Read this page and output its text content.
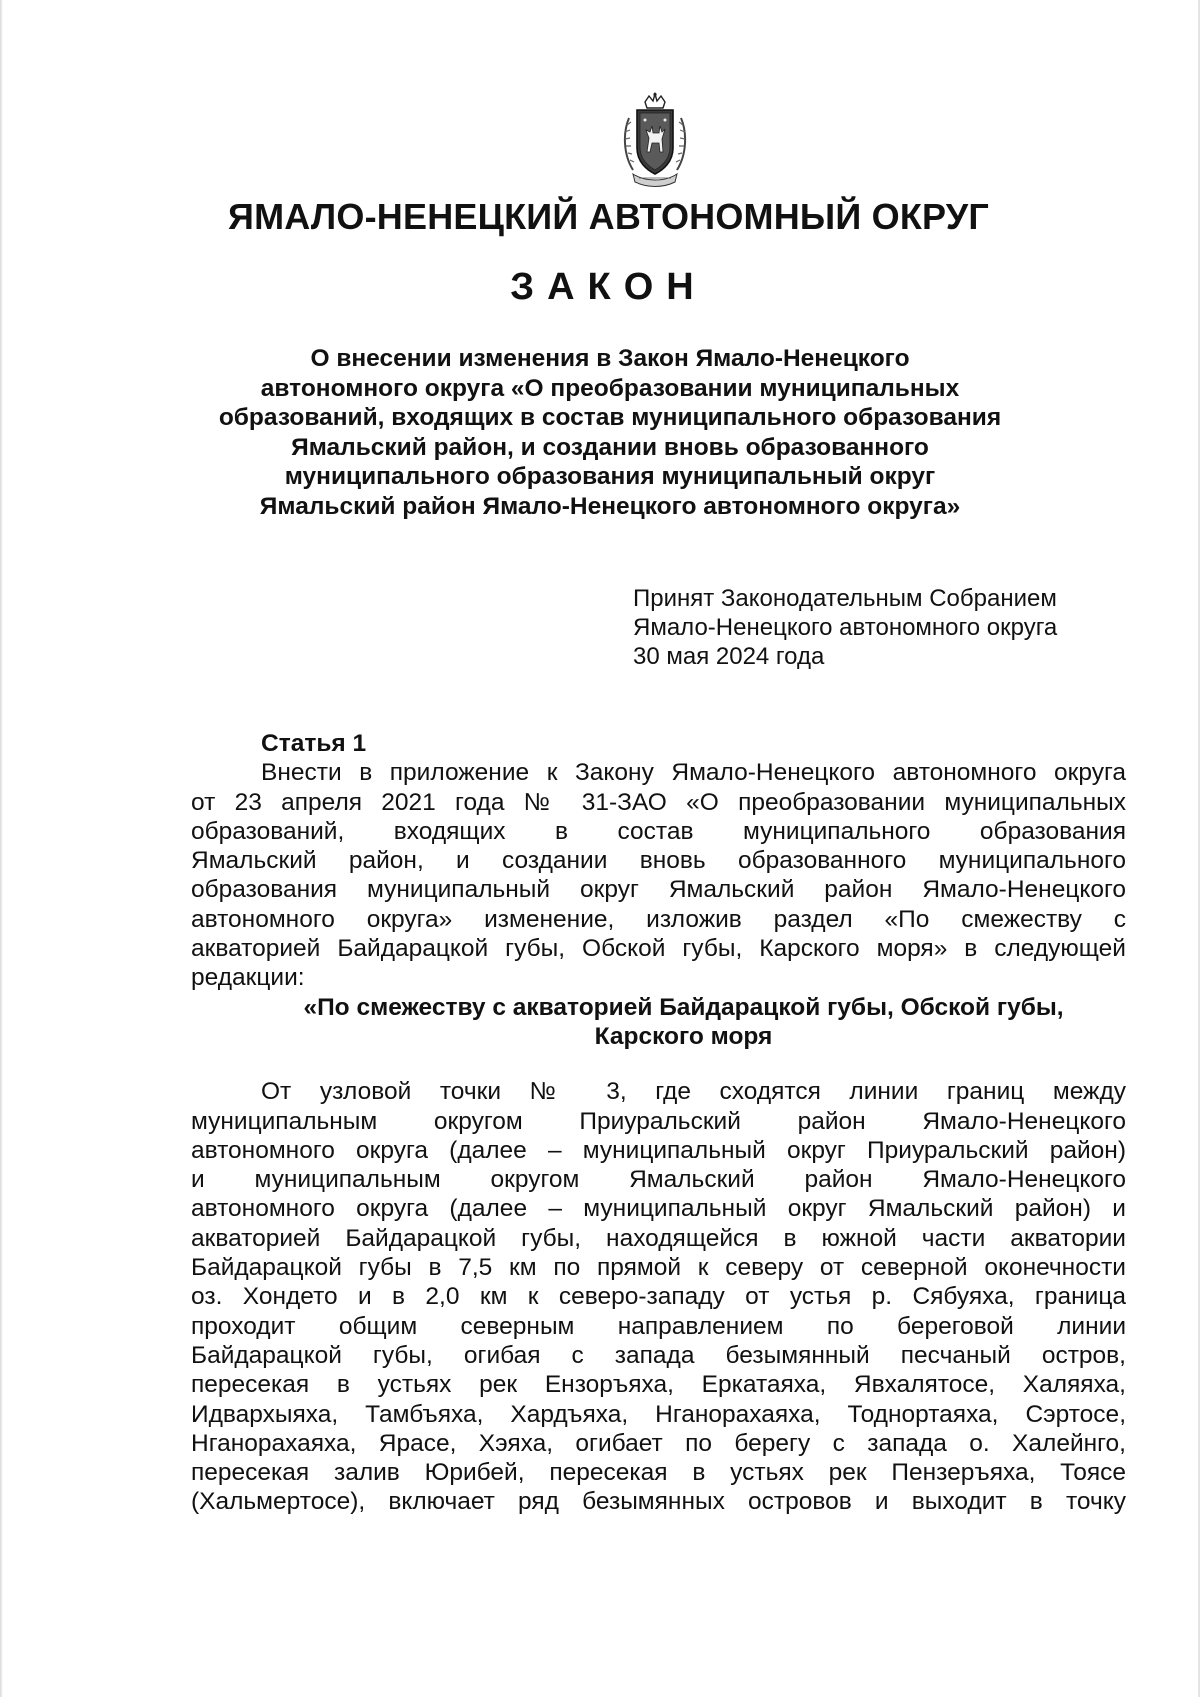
ЯМАЛО-НЕНЕЦКИЙ АВТОНОМНЫЙ ОКРУГ
ЗАКОН
О внесении изменения в Закон Ямало-Ненецкого
автономного округа «О преобразовании муниципальных
образований, входящих в состав муниципального образования
Ямальский район, и создании вновь образованного
муниципального образования муниципальный округ
Ямальский район Ямало-Ненецкого автономного округа»
Принят Законодательным Собранием
Ямало-Ненецкого автономного округа
30 мая 2024 года
Статья 1
Внести в приложение к Закону Ямало-Ненецкого автономного округа
от 23 апреля 2021 года № 31-ЗАО «О преобразовании муниципальных
образований, входящих в состав муниципального образования
Ямальский район, и создании вновь образованного муниципального
образования муниципальный округ Ямальский район Ямало-Ненецкого
автономного округа» изменение, изложив раздел «По смежеству с
акваторией Байдарацкой губы, Обской губы, Карского моря» в следующей
редакции:
«По смежеству с акваторией Байдарацкой губы, Обской губы,
Карского моря
От узловой точки № 3, где сходятся линии границ между
муниципальным округом Приуральский район Ямало-Ненецкого
автономного округа (далее – муниципальный округ Приуральский район)
и муниципальным округом Ямальский район Ямало-Ненецкого
автономного округа (далее – муниципальный округ Ямальский район) и
акваторией Байдарацкой губы, находящейся в южной части акватории
Байдарацкой губы в 7,5 км по прямой к северу от северной оконечности
оз. Хондето и в 2,0 км к северо-западу от устья р. Сябуяха, граница
проходит общим северным направлением по береговой линии
Байдарацкой губы, огибая с запада безымянный песчаный остров,
пересекая в устьях рек Ензоръяха, Еркатаяха, Явхалятосе, Халяяха,
Идвархыяха, Тамбъяха, Хардъяха, Нганорахаяха, Тоднортаяха, Сэртосе,
Нганорахаяха, Ярасе, Хэяха, огибает по берегу с запада о. Халейнго,
пересекая залив Юрибей, пересекая в устьях рек Пензеръяха, Тоясе
(Хальмертосе), включает ряд безымянных островов и выходит в точку
